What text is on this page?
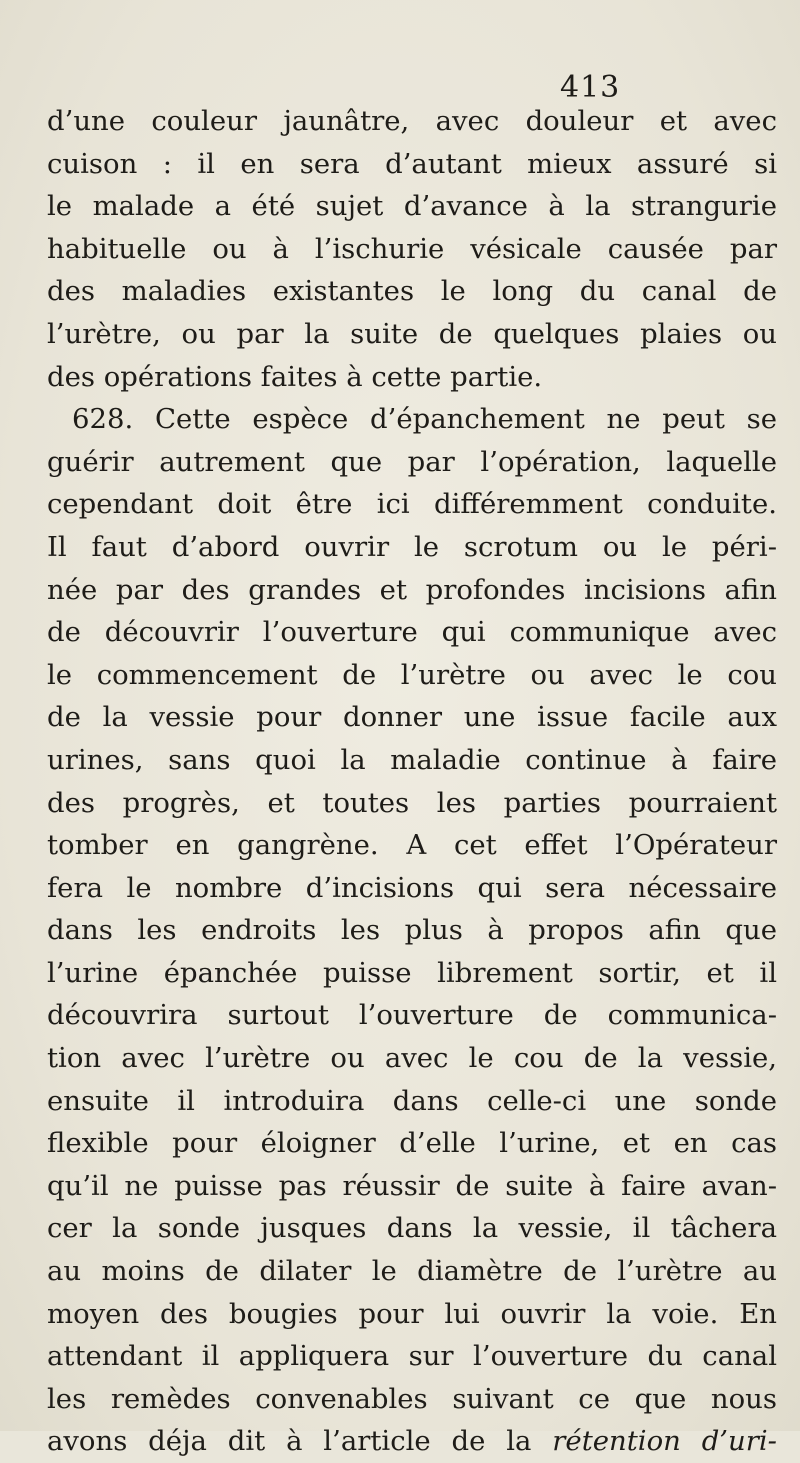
413
d’une couleur jaunâtre, avec douleur et avec
cuison : il en sera d’autant mieux assuré si
le malade a été sujet d’avance à la strangurie
habituelle ou à l’ischurie vésicale causée par
des maladies existantes le long du canal de
l’urètre, ou par la suite de quelques plaies ou
des opérations faites à cette partie.
628. Cette espèce d’épanchement ne peut se
guérir autrement que par l’opération, laquelle
cependant doit être ici différemment conduite.
Il faut d’abord ouvrir le scrotum ou le péri-
née par des grandes et profondes incisions afin
de découvrir l’ouverture qui communique avec
le commencement de l’urètre ou avec le cou
de la vessie pour donner une issue facile aux
urines, sans quoi la maladie continue à faire
des progrès, et toutes les parties pourraient
tomber en gangrène. A cet effet l’Opérateur
fera le nombre d’incisions qui sera nécessaire
dans les endroits les plus à propos afin que
l’urine épanchée puisse librement sortir, et il
découvrira surtout l’ouverture de communica-
tion avec l’urètre ou avec le cou de la vessie,
ensuite il introduira dans celle-ci une sonde
flexible pour éloigner d’elle l’urine, et en cas
qu’il ne puisse pas réussir de suite à faire avan-
cer la sonde jusques dans la vessie, il tâchera
au moins de dilater le diamètre de l’urètre au
moyen des bougies pour lui ouvrir la voie. En
attendant il appliquera sur l’ouverture du canal
les remèdes convenables suivant ce que nous
avons déja dit à l’article de la rétention d’uri-
